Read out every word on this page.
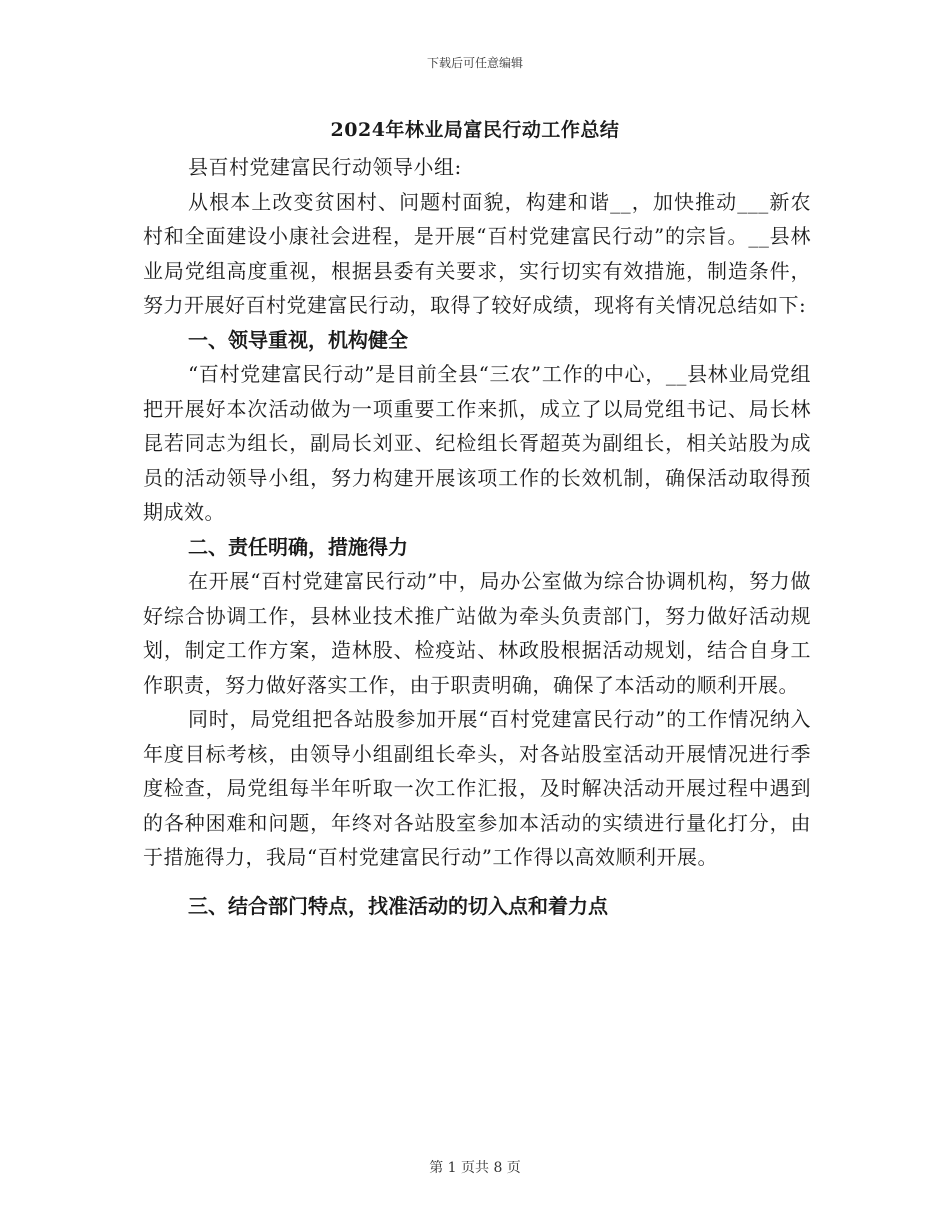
下载后可任意编辑
2024年林业局富民行动工作总结

县百村党建富民行动领导小组:

从根本上改变贫困村、问题村面貌，构建和谐__，加快推动___新农村和全面建设小康社会进程，是开展“百村党建富民行动”的宗旨。__县林业局党组高度重视，根据县委有关要求，实行切实有效措施，制造条件，努力开展好百村党建富民行动，取得了较好成绩，现将有关情况总结如下:

一、领导重视，机构健全

“百村党建富民行动”是目前全县“三农”工作的中心，__县林业局党组把开展好本次活动做为一项重要工作来抓，成立了以局党组书记、局长林昆若同志为组长，副局长刘亚、纪检组长胥超英为副组长，相关站股为成员的活动领导小组，努力构建开展该项工作的长效机制，确保活动取得预期成效。

二、责任明确，措施得力

在开展“百村党建富民行动”中，局办公室做为综合协调机构，努力做好综合协调工作，县林业技术推广站做为牵头负责部门，努力做好活动规划，制定工作方案，造林股、检疫站、林政股根据活动规划，结合自身工作职责，努力做好落实工作，由于职责明确，确保了本活动的顺利开展。

同时，局党组把各站股参加开展“百村党建富民行动”的工作情况纳入年度目标考核，由领导小组副组长牵头，对各站股室活动开展情况进行季度检查，局党组每半年听取一次工作汇报，及时解决活动开展过程中遇到的各种困难和问题，年终对各站股室参加本活动的实绩进行量化打分，由于措施得力，我局“百村党建富民行动”工作得以高效顺利开展。

三、结合部门特点，找准活动的切入点和着力点

第 1 页共 8 页
